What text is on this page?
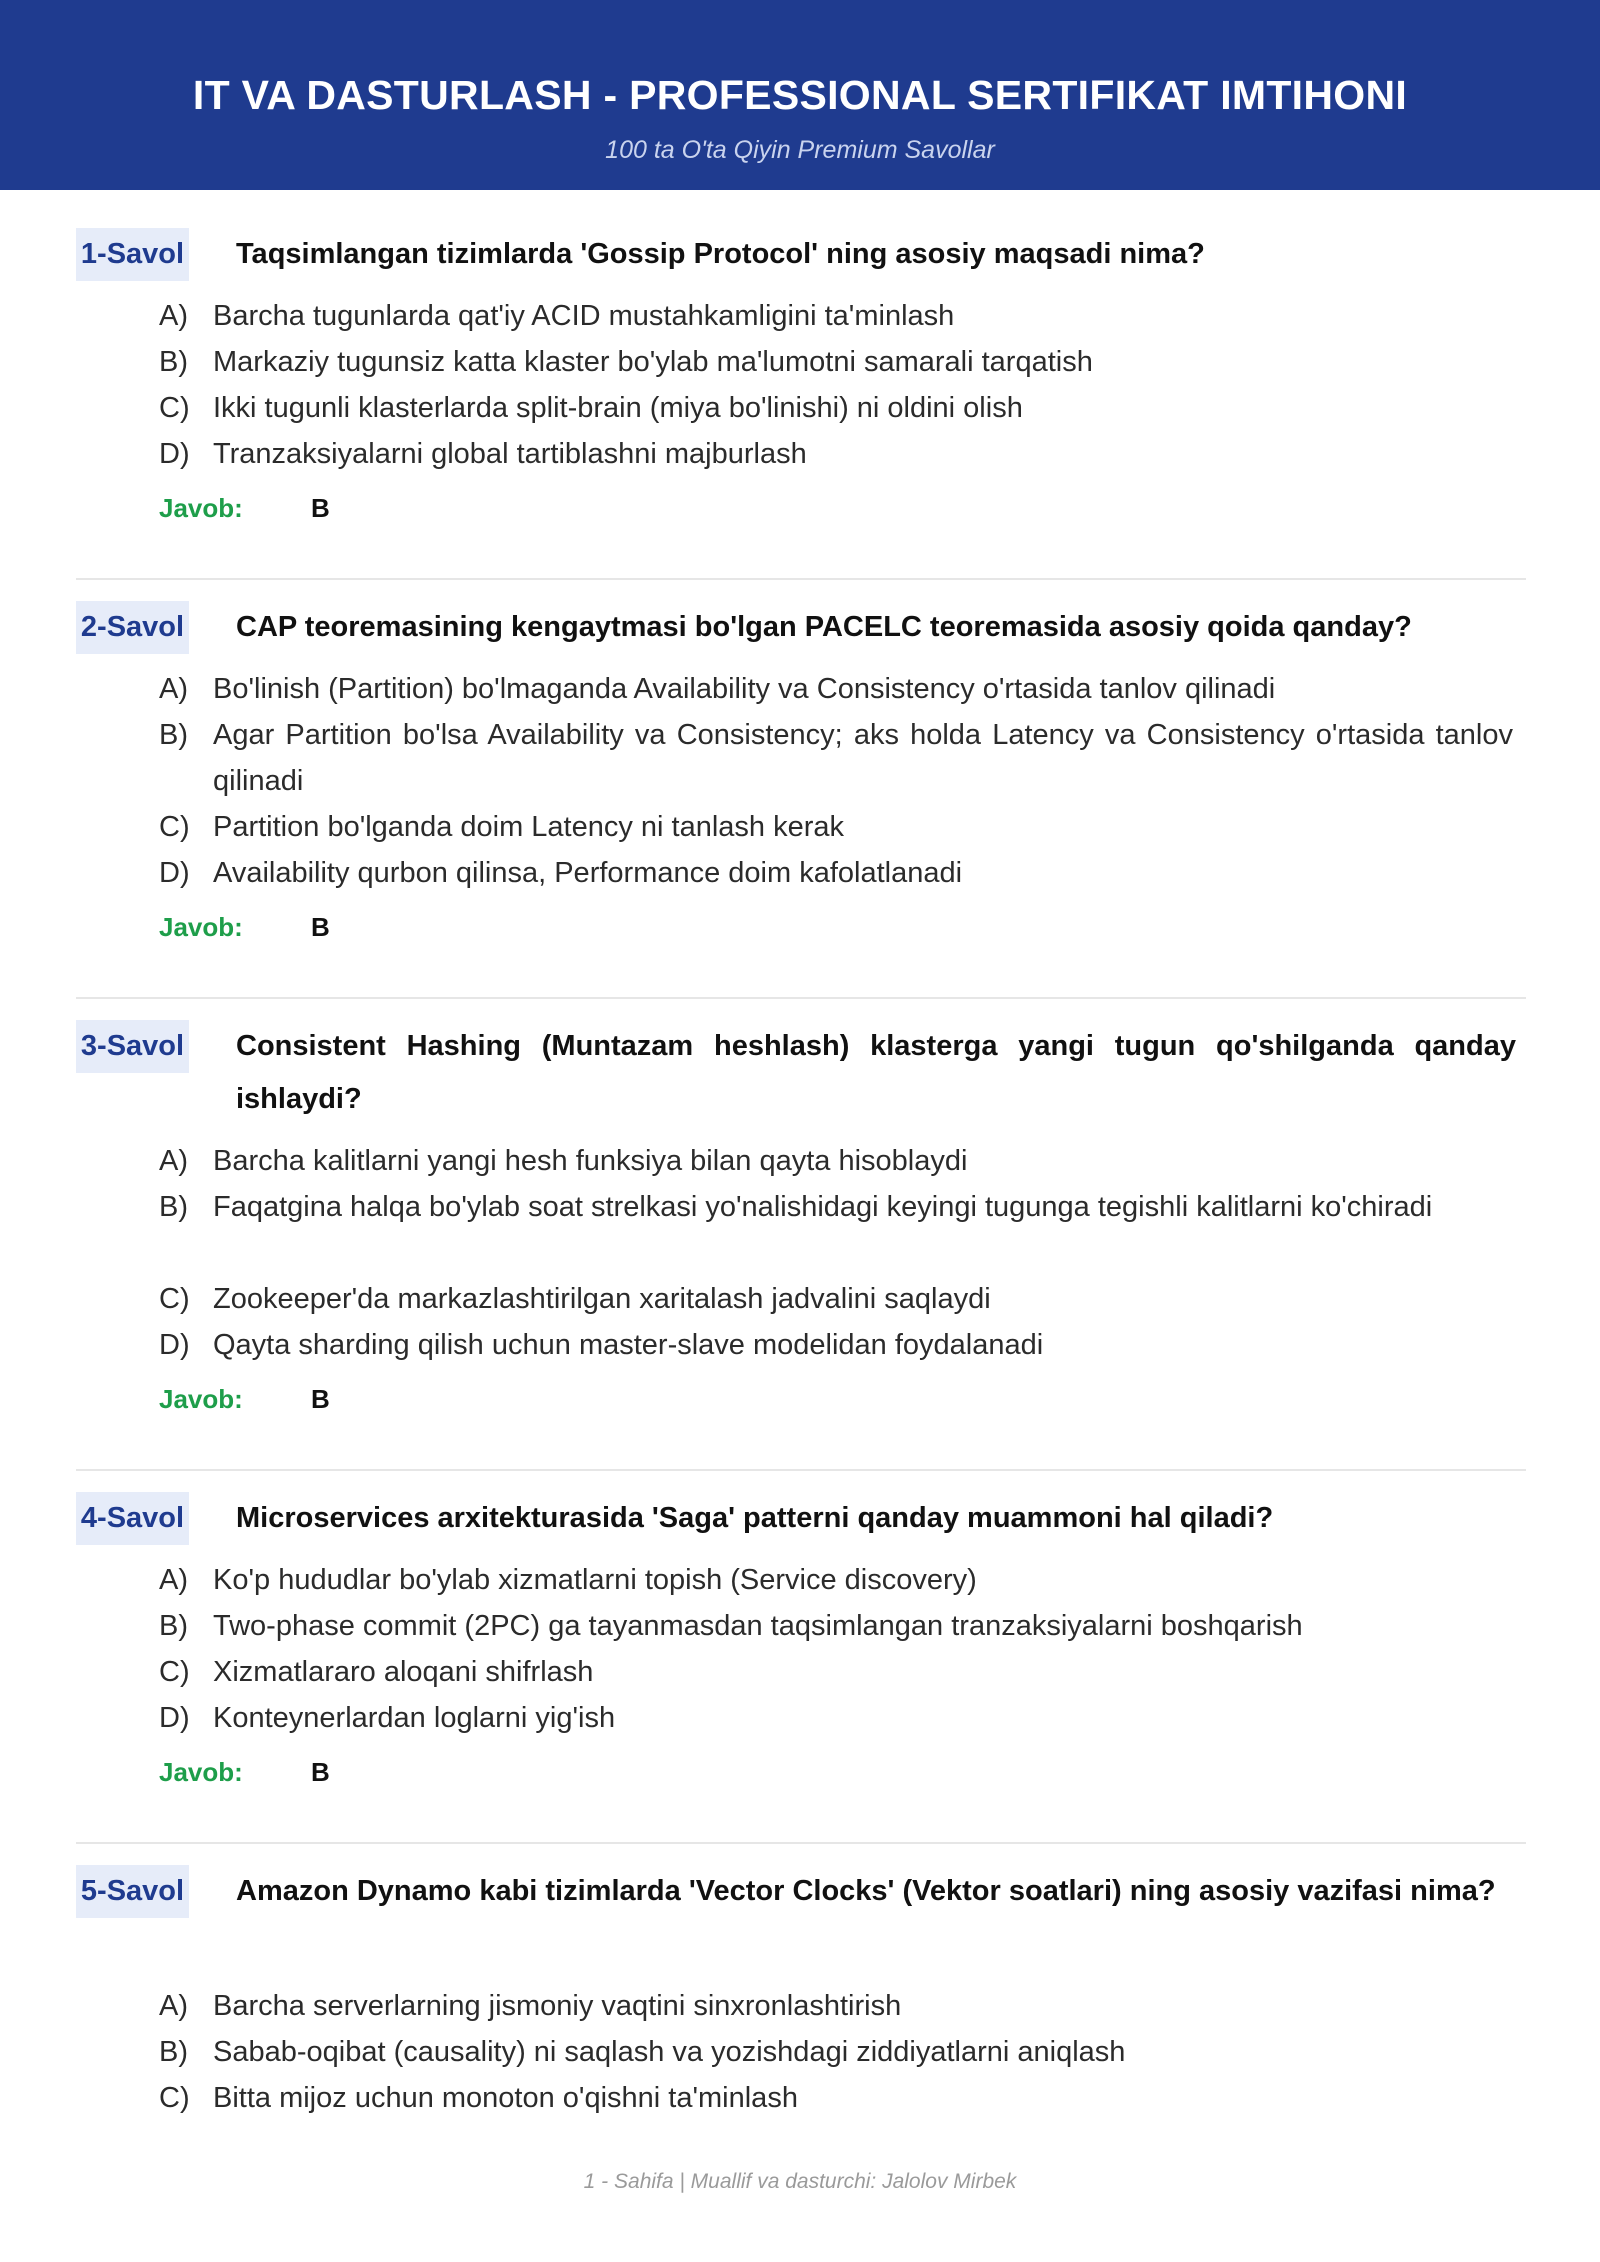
IT VA DASTURLASH - PROFESSIONAL SERTIFIKAT IMTIHONI
100 ta O'ta Qiyin Premium Savollar
1-Savol Taqsimlangan tizimlarda 'Gossip Protocol' ning asosiy maqsadi nima?
A) Barcha tugunlarda qat'iy ACID mustahkamligini ta'minlash
B) Markaziy tugunsiz katta klaster bo'ylab ma'lumotni samarali tarqatish
C) Ikki tugunli klasterlarda split-brain (miya bo'linishi) ni oldini olish
D) Tranzaksiyalarni global tartiblashni majburlash
Javob:	B
2-Savol CAP teoremasining kengaytmasi bo'lgan PACELC teoremasida asosiy qoida qanday?
A) Bo'linish (Partition) bo'lmaganda Availability va Consistency o'rtasida tanlov qilinadi
B) Agar Partition bo'lsa Availability va Consistency; aks holda Latency va Consistency o'rtasida tanlov qilinadi
C) Partition bo'lganda doim Latency ni tanlash kerak
D) Availability qurbon qilinsa, Performance doim kafolatlanadi
Javob:	B
3-Savol Consistent Hashing (Muntazam heshlash) klasterga yangi tugun qo'shilganda qanday ishlaydi?
A) Barcha kalitlarni yangi hesh funksiya bilan qayta hisoblaydi
B) Faqatgina halqa bo'ylab soat strelkasi yo'nalishidagi keyingi tugunga tegishli kalitlarni ko'chiradi
C) Zookeeper'da markazlashtirilgan xaritalash jadvalini saqlaydi
D) Qayta sharding qilish uchun master-slave modelidan foydalanadi
Javob:	B
4-Savol Microservices arxitekturasida 'Saga' patterni qanday muammoni hal qiladi?
A) Ko'p hududlar bo'ylab xizmatlarni topish (Service discovery)
B) Two-phase commit (2PC) ga tayanmasdan taqsimlangan tranzaksiyalarni boshqarish
C) Xizmatlararo aloqani shifrlash
D) Konteynerlardan loglarni yig'ish
Javob:	B
5-Savol Amazon Dynamo kabi tizimlarda 'Vector Clocks' (Vektor soatlari) ning asosiy vazifasi nima?
A) Barcha serverlarning jismoniy vaqtini sinxronlashtirish
B) Sabab-oqibat (causality) ni saqlash va yozishdagi ziddiyatlarni aniqlash
C) Bitta mijoz uchun monoton o'qishni ta'minlash
1 - Sahifa | Muallif va dasturchi: Jalolov Mirbek
